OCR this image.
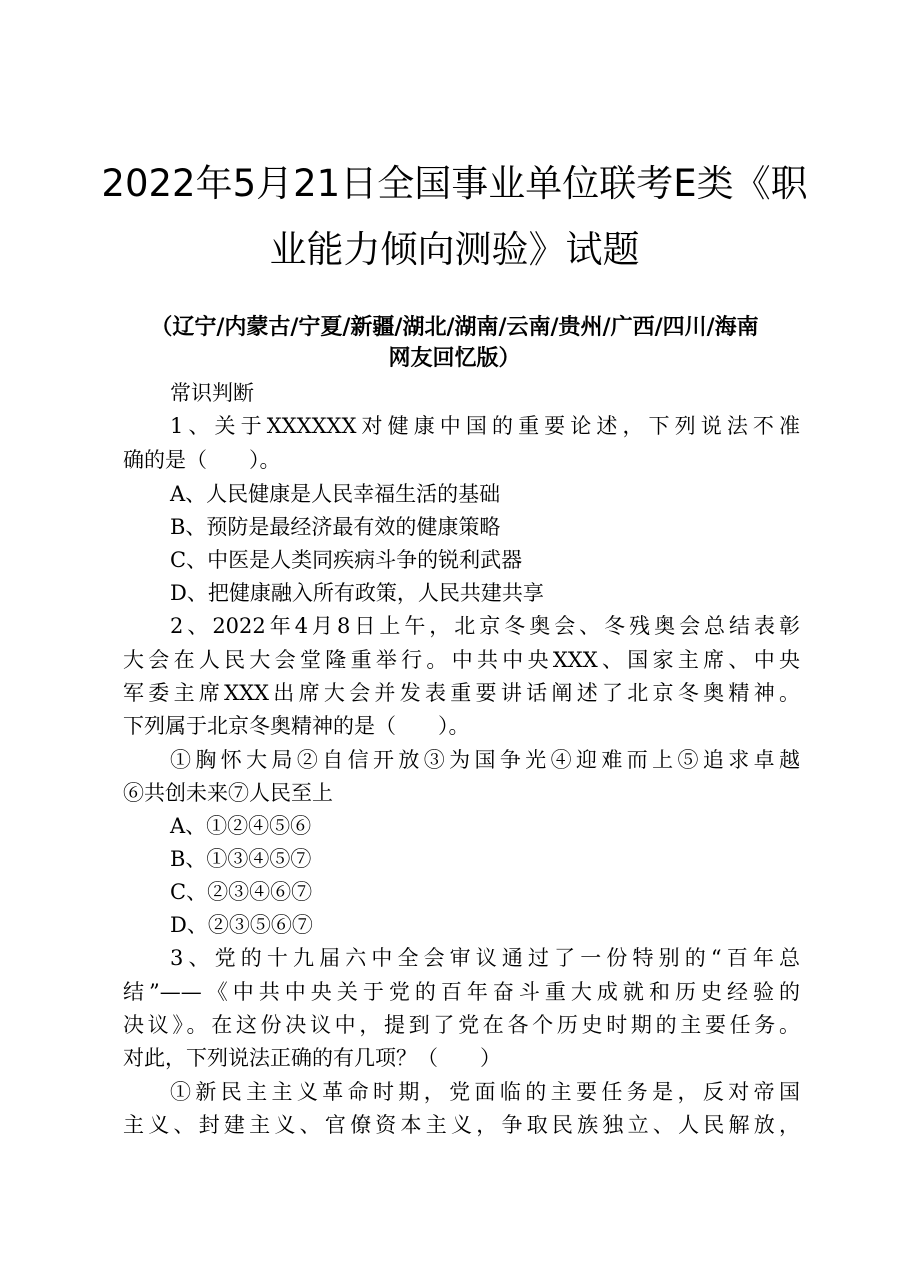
2022年5月21日全国事业单位联考E类《职
业能力倾向测验》试题
（辽宁/内蒙古/宁夏/新疆/湖北/湖南/云南/贵州/广西/四川/海南
网友回忆版）
常识判断
1、关于XXXXXX对健康中国的重要论述，下列说法不准
确的是（　　）。
A、人民健康是人民幸福生活的基础
B、预防是最经济最有效的健康策略
C、中医是人类同疾病斗争的锐利武器
D、把健康融入所有政策，人民共建共享
2、2022年4月8日上午，北京冬奥会、冬残奥会总结表彰
大会在人民大会堂隆重举行。中共中央XXX、国家主席、中央
军委主席XXX出席大会并发表重要讲话阐述了北京冬奥精神。
下列属于北京冬奥精神的是（　　）。
①胸怀大局②自信开放③为国争光④迎难而上⑤追求卓越
⑥共创未来⑦人民至上
A、①②④⑤⑥
B、①③④⑤⑦
C、②③④⑥⑦
D、②③⑤⑥⑦
3、党的十九届六中全会审议通过了一份特别的“百年总
结”——《中共中央关于党的百年奋斗重大成就和历史经验的
决议》。在这份决议中，提到了党在各个历史时期的主要任务。
对此，下列说法正确的有几项？（　　）
①新民主主义革命时期，党面临的主要任务是，反对帝国
主义、封建主义、官僚资本主义，争取民族独立、人民解放，
